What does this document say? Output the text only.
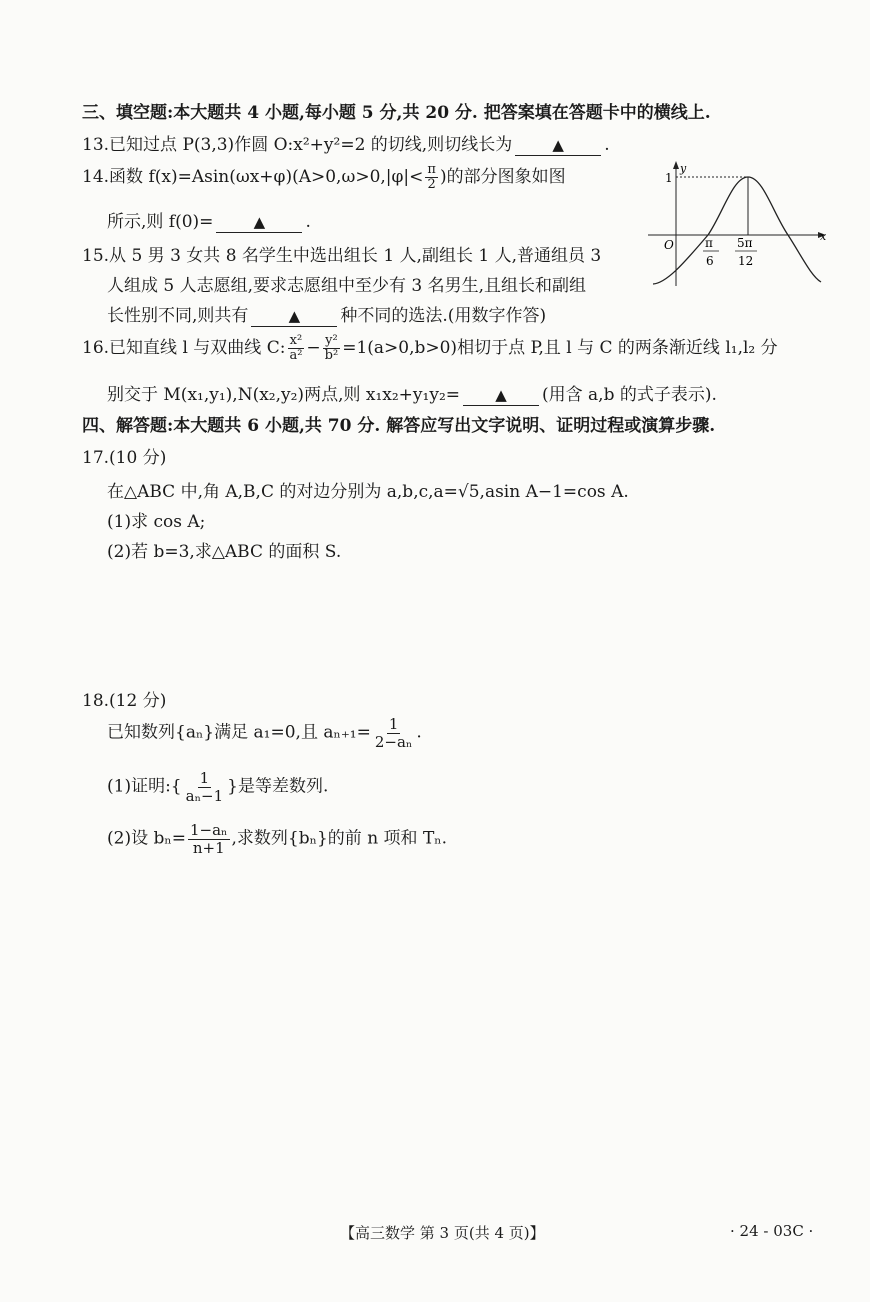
三、填空题:本大题共 4 小题,每小题 5 分,共 20 分. 把答案填在答题卡中的横线上.
13.已知过点 P(3,3)作圆 O:x²+y²=2 的切线,则切线长为	▲ .
14.函数 $f(x)=Asin(\omega x+\varphi)(A>0,\omega>0,|\varphi|< \frac{\pi}{2}$ )的部分图象如图
所示,则 f(0)=	▲ .
y
x
O
1
π
6
5π
12
15.从 5 男 3 女共 8 名学生中选出组长 1 人,副组长 1 人,普通组员 3
人组成 5 人志愿组,要求志愿组中至少有 3 名男生,且组长和副组
长性别不同,则共有	▲ 种不同的选法.(用数字作答)
16.已知直线 l 与双曲线 C: $\frac{\text{x²}}{\text{a²}} - \frac{\text{y²}}{\text{b²}} =1(a>0,b>0)$相切于点 P,且 l 与 C 的两条渐近线 l₁,l₂ 分
别交于 M(x₁,y₁),N(x₂,y₂)两点,则 x₁x₂+y₁y₂= ▲ (用含 a,b 的式子表示).
四、解答题:本大题共 6 小题,共 70 分. 解答应写出文字说明、证明过程或演算步骤.
17.(10 分)
在△ABC 中,角 A,B,C 的对边分别为 a,b,c,a=√5,asin A−1=cos A.
(1)求 cos A;
(2)若 b=3,求△ABC 的面积 S.
18.(12 分)
已知数列{aₙ}满足 a₁=0,且 $a_{n+1}= \frac{1}{\text{2−aₙ}}$ .
(1)证明:{ $\frac{1}{\text{aₙ−1}}$ }是等差数列.
(2)设 $b_n= \frac{\text{1−aₙ}}{n+1}$ ,求数列{bₙ}的前 n 项和 Tₙ.
【高三数学 第 3 页(共 4 页)】	· 24 - 03C ·
